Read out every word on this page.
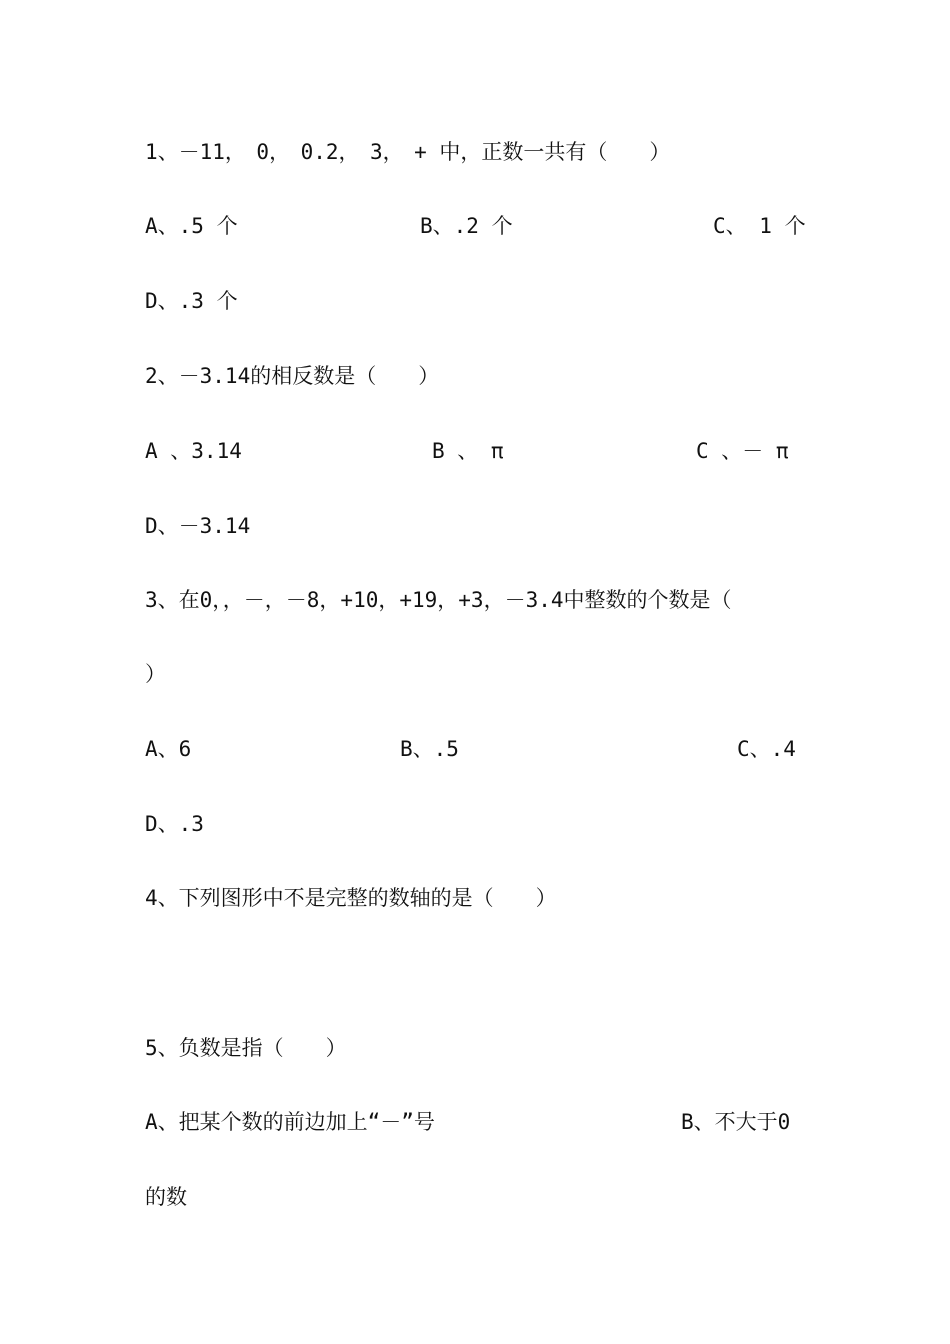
1、－11，　0，　0.2，　3，　+ 中，正数一共有（　　）
A、.5 个	B、.2 个	C、 1 个
D、.3 个
2、－3.14的相反数是（　　）
A 、3.14	B 、 π	C 、－ π
D、－3.14
3、在0，，－，－8，+10，+19，+3，－3.4中整数的个数是（
）
A、6	B、.5	C、.4
D、.3
4、下列图形中不是完整的数轴的是（　　）
5、负数是指（　　）
A、把某个数的前边加上“－”号	B、不大于0
的数
